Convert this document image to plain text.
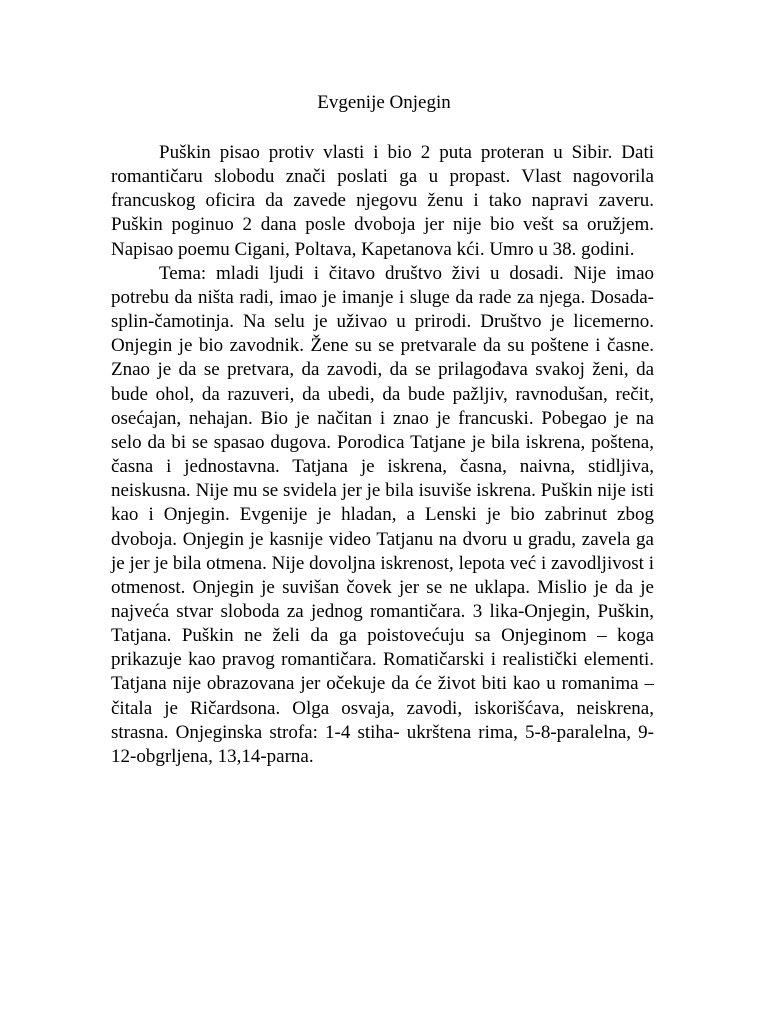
Evgenije Onjegin

Puškin pisao protiv vlasti i bio 2 puta proteran u Sibir. Dati romantičaru slobodu znači poslati ga u propast. Vlast nagovorila francuskog oficira da zavede njegovu ženu i tako napravi zaveru. Puškin poginuo 2 dana posle dvoboja jer nije bio vešt sa oružjem. Napisao poemu Cigani, Poltava, Kapetanova kći. Umro u 38. godini.

Tema: mladi ljudi i čitavo društvo živi u dosadi. Nije imao potrebu da ništa radi, imao je imanje i sluge da rade za njega. Dosada-splin-čamotinja. Na selu je uživao u prirodi. Društvo je licemerno. Onjegin je bio zavodnik. Žene su se pretvarale da su poštene i časne. Znao je da se pretvara, da zavodi, da se prilagođava svakoj ženi, da bude ohol, da razuveri, da ubedi, da bude pažljiv, ravnodušan, rečit, osećajan, nehajan. Bio je načitan i znao je francuski. Pobegao je na selo da bi se spasao dugova. Porodica Tatjane je bila iskrena, poštena, časna i jednostavna. Tatjana je iskrena, časna, naivna, stidljiva, neiskusna. Nije mu se svidela jer je bila isuviše iskrena. Puškin nije isti kao i Onjegin. Evgenije je hladan, a Lenski je bio zabrinut zbog dvoboja. Onjegin je kasnije video Tatjanu na dvoru u gradu, zavela ga je jer je bila otmena. Nije dovoljna iskrenost, lepota već i zavodljivost i otmenost. Onjegin je suvišan čovek jer se ne uklapa. Mislio je da je najveća stvar sloboda za jednog romantičara. 3 lika-Onjegin, Puškin, Tatjana. Puškin ne želi da ga poistovećuju sa Onjeginom – koga prikazuje kao pravog romantičara. Romatičarski i realistički elementi. Tatjana nije obrazovana jer očekuje da će život biti kao u romanima – čitala je Ričardsona. Olga osvaja, zavodi, iskorišćava, neiskrena, strasna. Onjeginska strofa: 1-4 stiha- ukrštena rima, 5-8-paralelna, 9-12-obgrljena, 13,14-parna.
